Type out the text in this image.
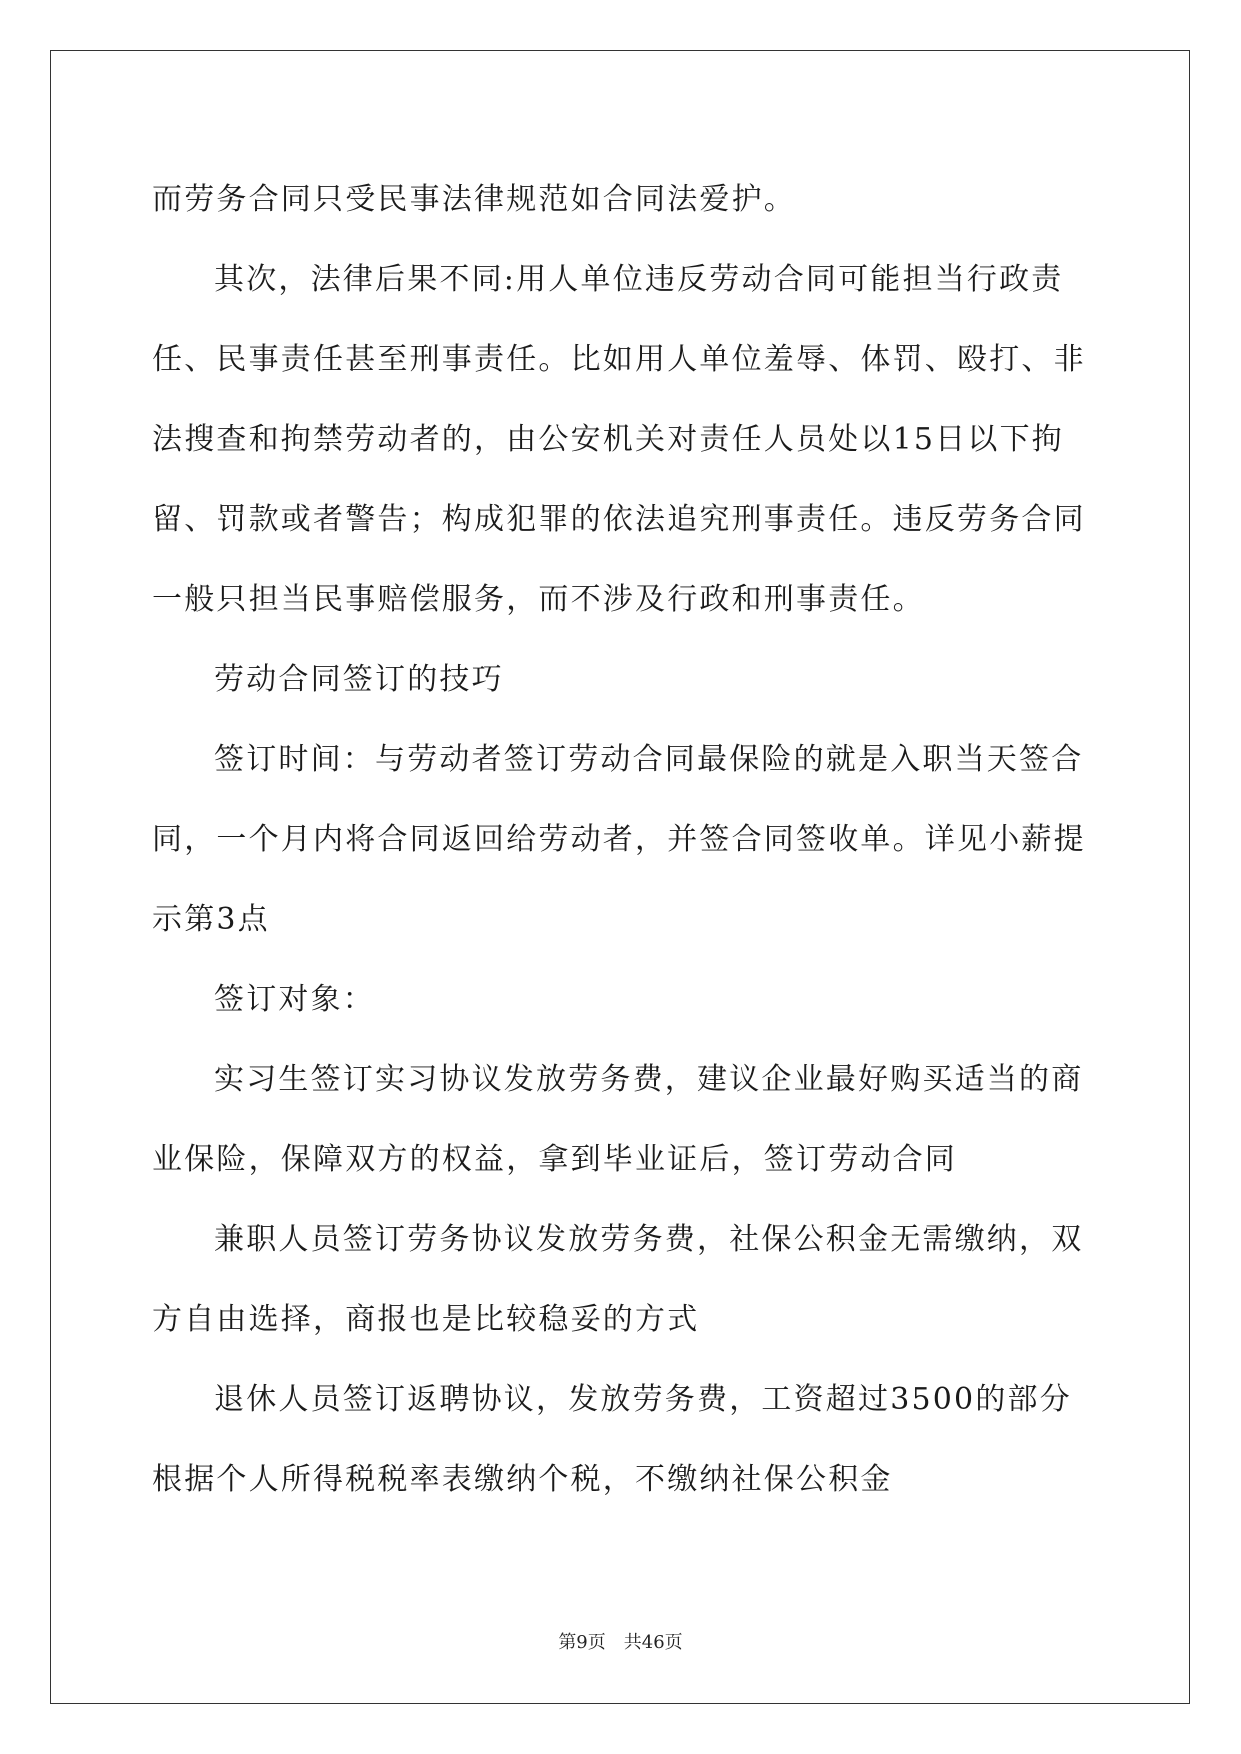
而劳务合同只受民事法律规范如合同法爱护。

其次，法律后果不同:用人单位违反劳动合同可能担当行政责任、民事责任甚至刑事责任。比如用人单位羞辱、体罚、殴打、非法搜查和拘禁劳动者的，由公安机关对责任人员处以15日以下拘留、罚款或者警告；构成犯罪的依法追究刑事责任。违反劳务合同一般只担当民事赔偿服务，而不涉及行政和刑事责任。

劳动合同签订的技巧

签订时间：与劳动者签订劳动合同最保险的就是入职当天签合同，一个月内将合同返回给劳动者，并签合同签收单。详见小薪提示第3点

签订对象：

实习生签订实习协议发放劳务费，建议企业最好购买适当的商业保险，保障双方的权益，拿到毕业证后，签订劳动合同

兼职人员签订劳务协议发放劳务费，社保公积金无需缴纳，双方自由选择，商报也是比较稳妥的方式

退休人员签订返聘协议，发放劳务费，工资超过3500的部分根据个人所得税税率表缴纳个税，不缴纳社保公积金

第9页 共46页
